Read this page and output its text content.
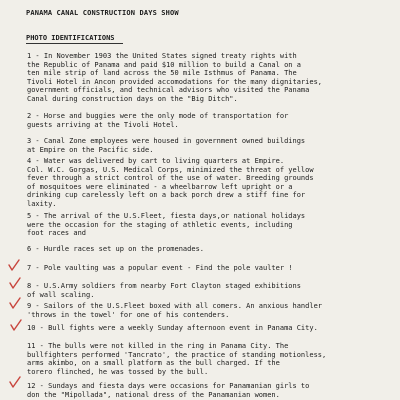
PANAMA CANAL CONSTRUCTION DAYS SHOW
PHOTO IDENTIFICATIONS
1 - In November 1903 the United States signed treaty rights with
the Republic of Panama and paid $10 million to build a Canal on a
ten mile strip of land across the 50 mile Isthmus of Panama. The
Tivoli Hotel in Ancon provided accomodations for the many dignitaries,
government officials, and technical advisors who visited the Panama
Canal during construction days on the "Big Ditch".
2 - Horse and buggies were the only mode of transportation for
guests arriving at the Tivoli Hotel.
3 - Canal Zone employees were housed in government owned buildings
at Empire on the Pacific side.
4 - Water was delivered by cart to living quarters at Empire.
Col. W.C. Gorgas, U.S. Medical Corps, minimized the threat of yellow
fever through a strict control of the use of water. Breeding grounds
of mosquitoes were eliminated - a wheelbarrow left upright or a
drinking cup carelessly left on a back porch drew a stiff fine for
laxity.
5 - The arrival of the U.S.Fleet, fiesta days,or national holidays
were the occasion for the staging of athletic events, including
foot races and
6 - Hurdle races set up on the promenades.
7 - Pole vaulting was a popular event - Find the pole vaulter !
8 - U.S.Army soldiers from nearby Fort Clayton staged exhibitions
of wall scaling.
9 - Sailors of the U.S.Fleet boxed with all comers. An anxious handler
'throws in the towel' for one of his contenders.
10 - Bull fights were a weekly Sunday afternoon event in Panama City.
11 - The bulls were not killed in the ring in Panama City. The
bullfighters performed 'Tancrato', the practice of standing motionless,
arms akimbo, on a small platform as the bull charged. If the
torero flinched, he was tossed by the bull.
12 - Sundays and fiesta days were occasions for Panamanian girls to
don the "Mipollada", national dress of the Panamanian women.
